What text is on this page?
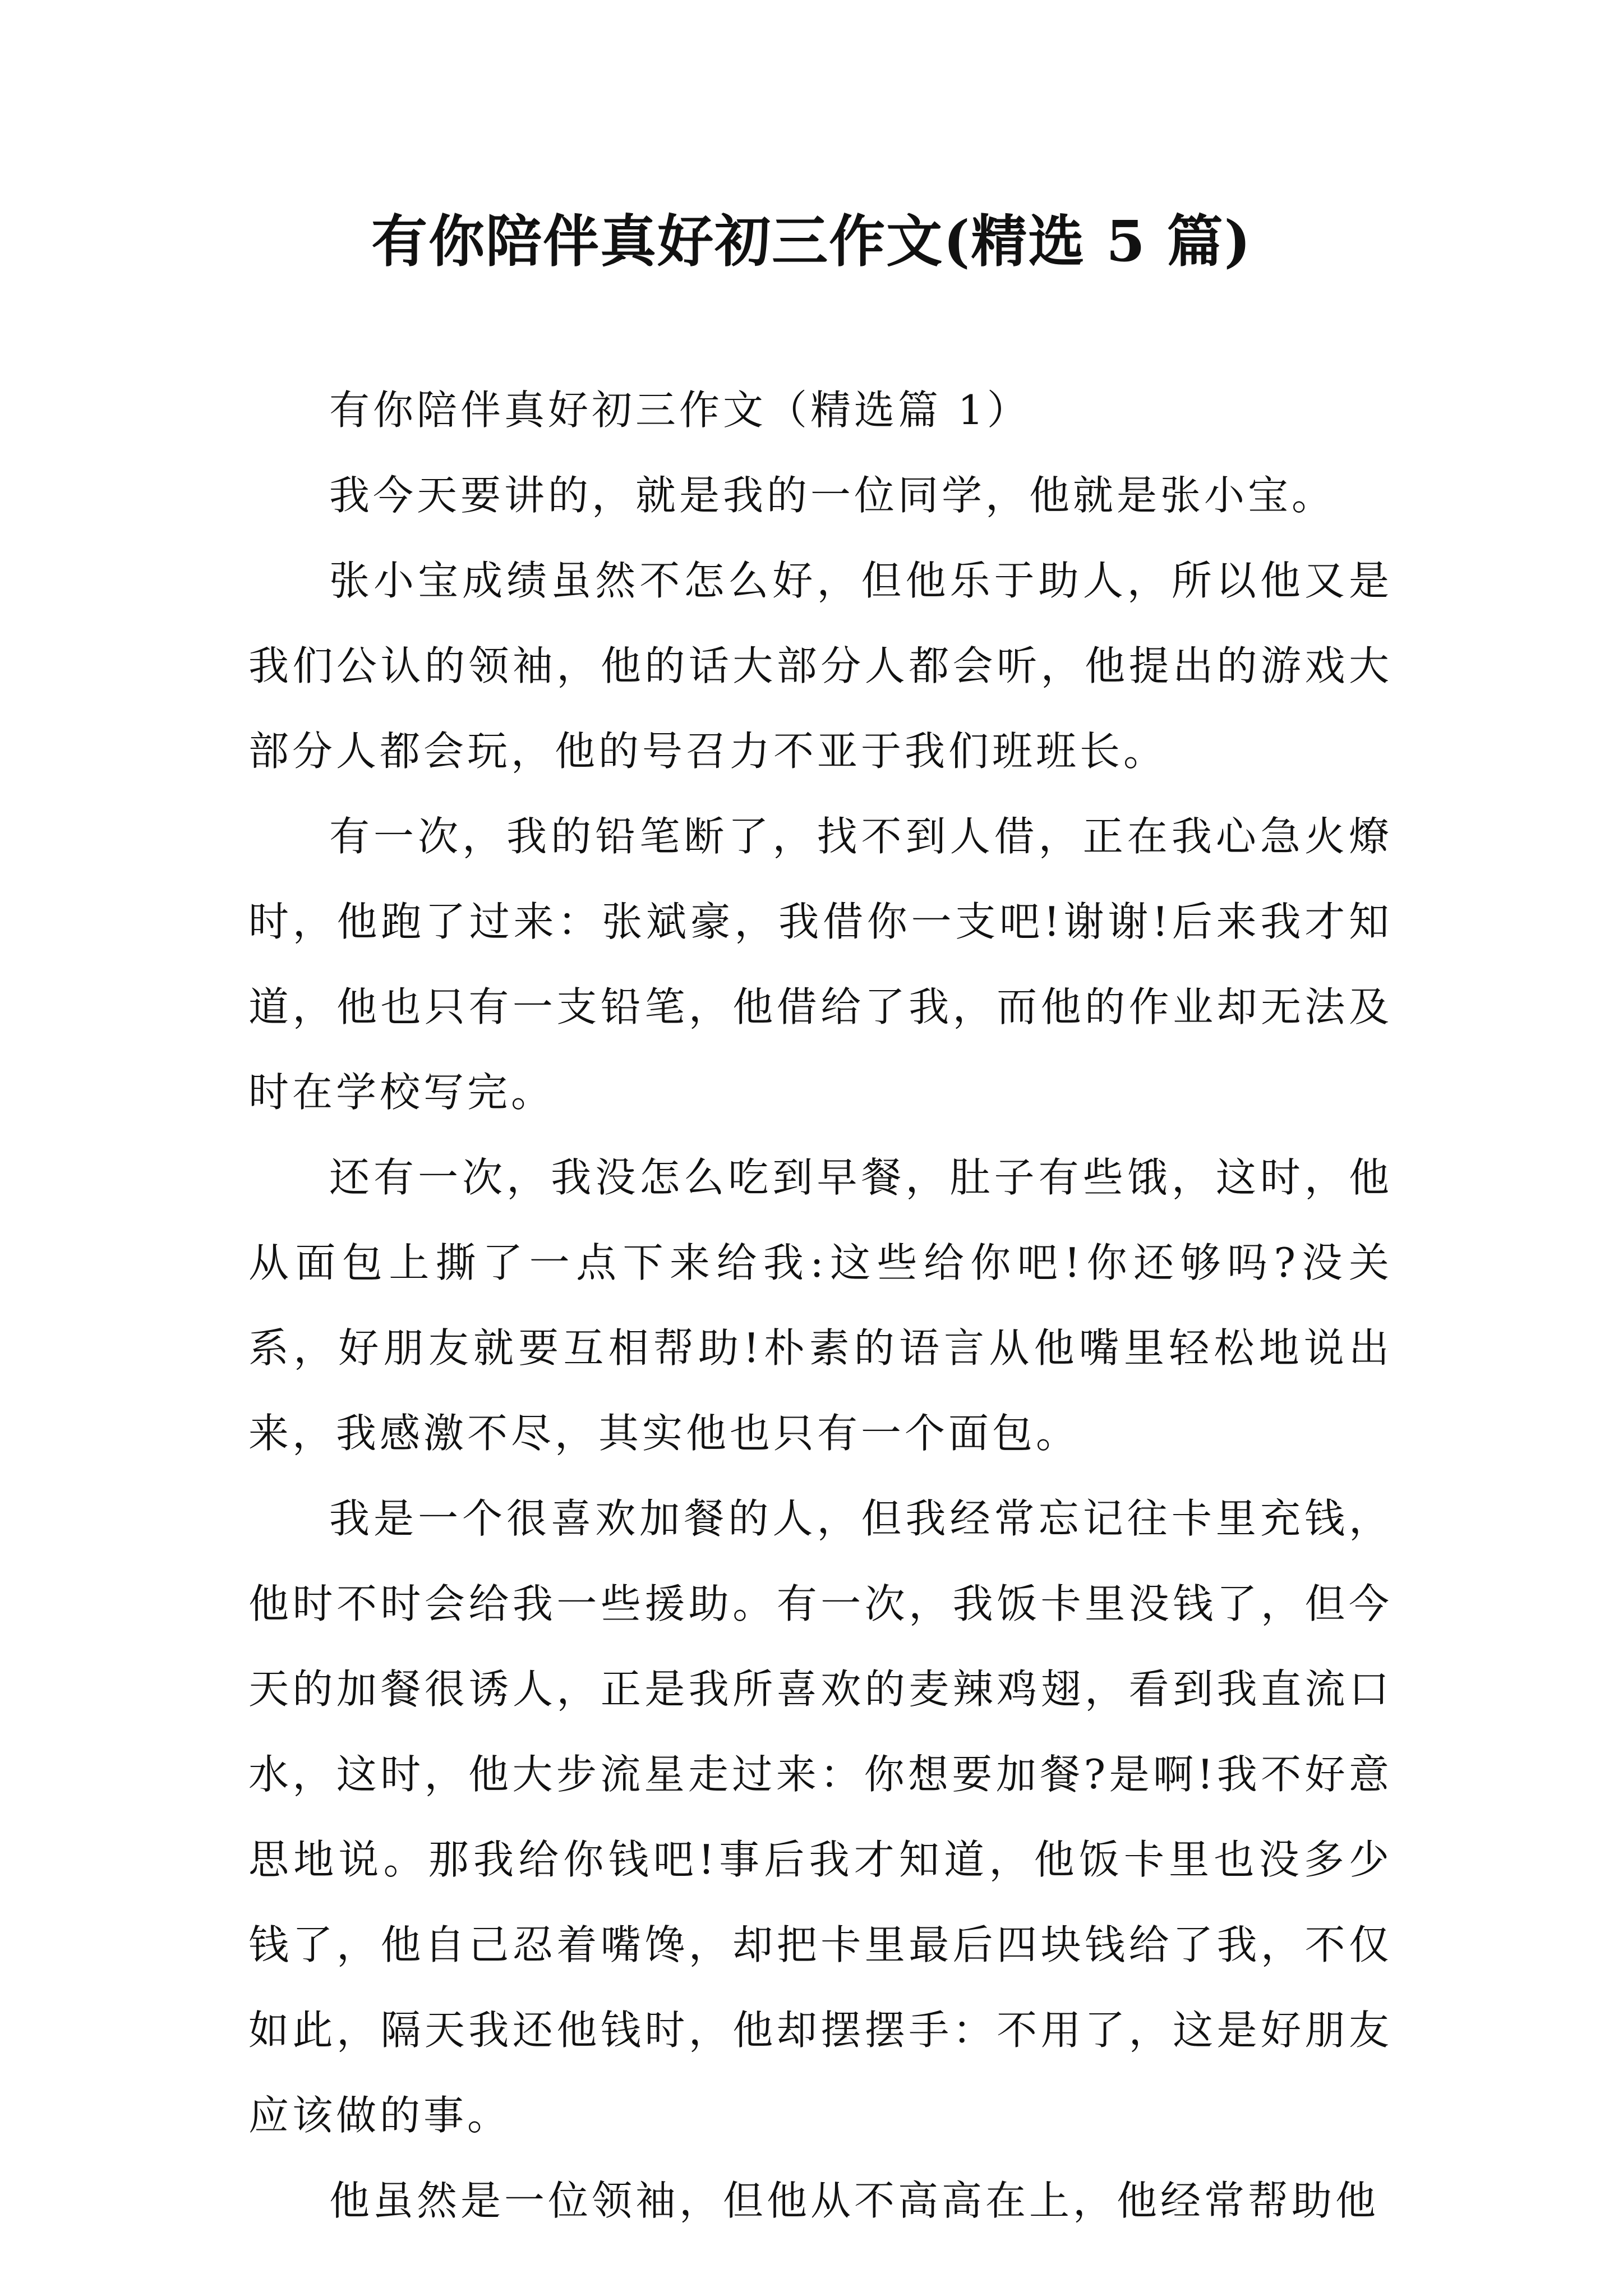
有你陪伴真好初三作文(精选 5 篇)

有你陪伴真好初三作文（精选篇 1）

我今天要讲的，就是我的一位同学，他就是张小宝。

张小宝成绩虽然不怎么好，但他乐于助人，所以他又是我们公认的领袖，他的话大部分人都会听，他提出的游戏大部分人都会玩，他的号召力不亚于我们班班长。

有一次，我的铅笔断了，找不到人借，正在我心急火燎时，他跑了过来：张斌豪，我借你一支吧!谢谢!后来我才知道，他也只有一支铅笔，他借给了我，而他的作业却无法及时在学校写完。

还有一次，我没怎么吃到早餐，肚子有些饿，这时，他从面包上撕了一点下来给我:这些给你吧!你还够吗?没关系，好朋友就要互相帮助!朴素的语言从他嘴里轻松地说出来，我感激不尽，其实他也只有一个面包。

我是一个很喜欢加餐的人，但我经常忘记往卡里充钱，他时不时会给我一些援助。有一次，我饭卡里没钱了，但今天的加餐很诱人，正是我所喜欢的麦辣鸡翅，看到我直流口水，这时，他大步流星走过来：你想要加餐?是啊!我不好意思地说。那我给你钱吧!事后我才知道，他饭卡里也没多少钱了，他自己忍着嘴馋，却把卡里最后四块钱给了我，不仅如此，隔天我还他钱时，他却摆摆手：不用了，这是好朋友应该做的事。

他虽然是一位领袖，但他从不高高在上，他经常帮助他
